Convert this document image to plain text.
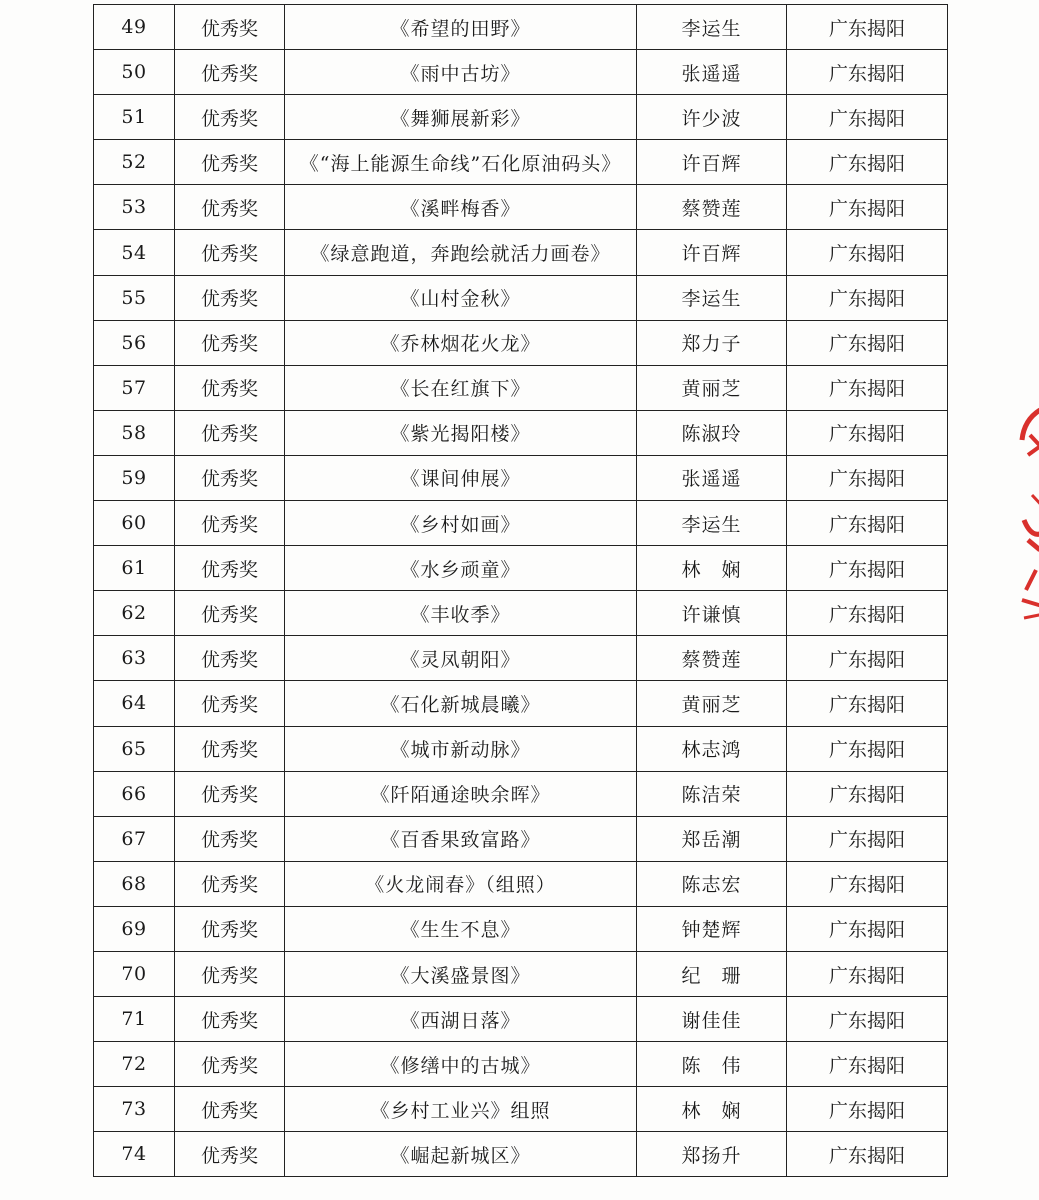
49	优秀奖	《希望的田野》	李运生	广东揭阳
50	优秀奖	《雨中古坊》	张遥遥	广东揭阳
51	优秀奖	《舞狮展新彩》	许少波	广东揭阳
52	优秀奖	《“海上能源生命线”石化原油码头》	许百辉	广东揭阳
53	优秀奖	《溪畔梅香》	蔡赞莲	广东揭阳
54	优秀奖	《绿意跑道，奔跑绘就活力画卷》	许百辉	广东揭阳
55	优秀奖	《山村金秋》	李运生	广东揭阳
56	优秀奖	《乔林烟花火龙》	郑力子	广东揭阳
57	优秀奖	《长在红旗下》	黄丽芝	广东揭阳
58	优秀奖	《紫光揭阳楼》	陈淑玲	广东揭阳
59	优秀奖	《课间伸展》	张遥遥	广东揭阳
60	优秀奖	《乡村如画》	李运生	广东揭阳
61	优秀奖	《水乡顽童》	林　娴	广东揭阳
62	优秀奖	《丰收季》	许谦慎	广东揭阳
63	优秀奖	《灵凤朝阳》	蔡赞莲	广东揭阳
64	优秀奖	《石化新城晨曦》	黄丽芝	广东揭阳
65	优秀奖	《城市新动脉》	林志鸿	广东揭阳
66	优秀奖	《阡陌通途映余晖》	陈洁荣	广东揭阳
67	优秀奖	《百香果致富路》	郑岳潮	广东揭阳
68	优秀奖	《火龙闹春》（组照）	陈志宏	广东揭阳
69	优秀奖	《生生不息》	钟楚辉	广东揭阳
70	优秀奖	《大溪盛景图》	纪　珊	广东揭阳
71	优秀奖	《西湖日落》	谢佳佳	广东揭阳
72	优秀奖	《修缮中的古城》	陈　伟	广东揭阳
73	优秀奖	《乡村工业兴》组照	林　娴	广东揭阳
74	优秀奖	《崛起新城区》	郑扬升	广东揭阳
